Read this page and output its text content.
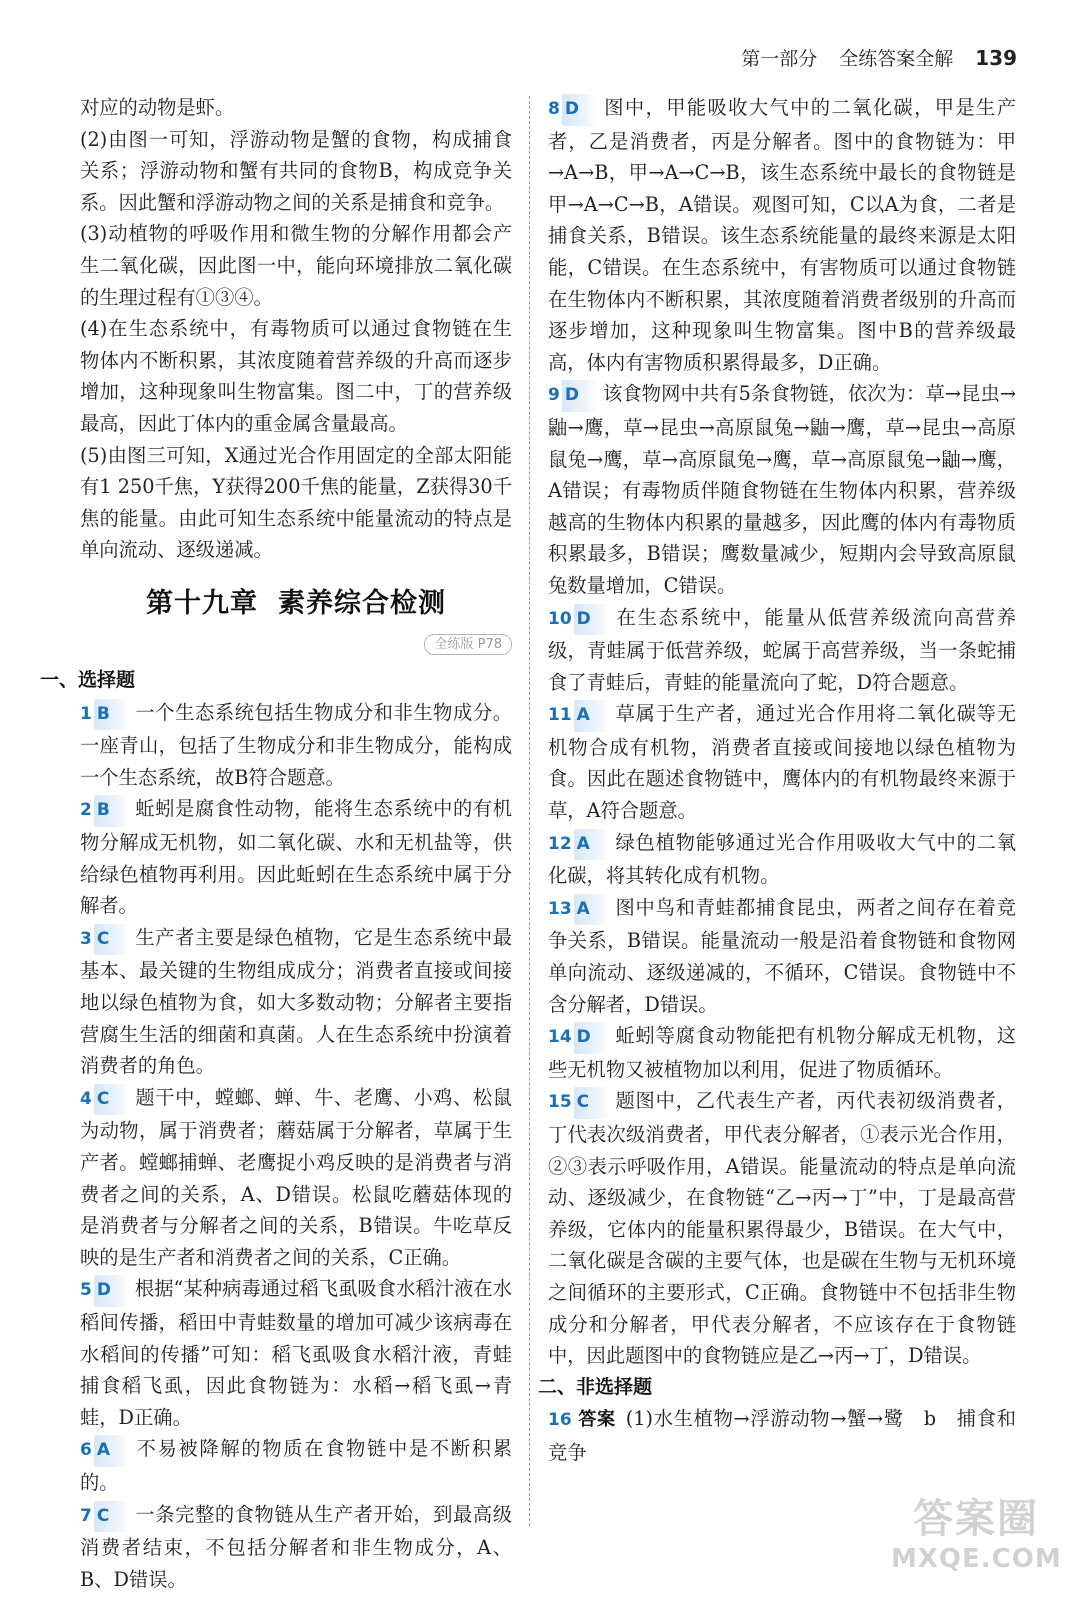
第一部分 全练答案全解 139

对应的动物是虾。

(2)由图一可知，浮游动物是蟹的食物，构成捕食关系；浮游动物和蟹有共同的食物B，构成竞争关系。因此蟹和浮游动物之间的关系是捕食和竞争。

(3)动植物的呼吸作用和微生物的分解作用都会产生二氧化碳，因此图一中，能向环境排放二氧化碳的生理过程有①③④。

(4)在生态系统中，有毒物质可以通过食物链在生物体内不断积累，其浓度随着营养级的升高而逐步增加，这种现象叫生物富集。图二中，丁的营养级最高，因此丁体内的重金属含量最高。

(5)由图三可知，X通过光合作用固定的全部太阳能有1 250千焦，Y获得200千焦的能量，Z获得30千焦的能量。由此可知生态系统中能量流动的特点是单向流动、逐级递减。

第十九章 素养综合检测
全练版 P78
一、选择题

1 B 一个生态系统包括生物成分和非生物成分。一座青山，包括了生物成分和非生物成分，能构成一个生态系统，故B符合题意。

2 B 蚯蚓是腐食性动物，能将生态系统中的有机物分解成无机物，如二氧化碳、水和无机盐等，供给绿色植物再利用。因此蚯蚓在生态系统中属于分解者。

3 C 生产者主要是绿色植物，它是生态系统中最基本、最关键的生物组成成分；消费者直接或间接地以绿色植物为食，如大多数动物；分解者主要指营腐生生活的细菌和真菌。人在生态系统中扮演着消费者的角色。

4 C 题干中，螳螂、蝉、牛、老鹰、小鸡、松鼠为动物，属于消费者；蘑菇属于分解者，草属于生产者。螳螂捕蝉、老鹰捉小鸡反映的是消费者与消费者之间的关系，A、D错误。松鼠吃蘑菇体现的是消费者与分解者之间的关系，B错误。牛吃草反映的是生产者和消费者之间的关系，C正确。

5 D 根据“某种病毒通过稻飞虱吸食水稻汁液在水稻间传播，稻田中青蛙数量的增加可减少该病毒在水稻间的传播”可知：稻飞虱吸食水稻汁液，青蛙捕食稻飞虱，因此食物链为：水稻→稻飞虱→青蛙，D正确。

6 A 不易被降解的物质在食物链中是不断积累的。

7 C 一条完整的食物链从生产者开始，到最高级消费者结束，不包括分解者和非生物成分，A、B、D错误。

8 D 图中，甲能吸收大气中的二氧化碳，甲是生产者，乙是消费者，丙是分解者。图中的食物链为：甲→A→B，甲→A→C→B，该生态系统中最长的食物链是甲→A→C→B，A错误。观图可知，C以A为食，二者是捕食关系，B错误。该生态系统能量的最终来源是太阳能，C错误。在生态系统中，有害物质可以通过食物链在生物体内不断积累，其浓度随着消费者级别的升高而逐步增加，这种现象叫生物富集。图中B的营养级最高，体内有害物质积累得最多，D正确。

9 D 该食物网中共有5条食物链，依次为：草→昆虫→鼬→鹰，草→昆虫→高原鼠兔→鼬→鹰，草→昆虫→高原鼠兔→鹰，草→高原鼠兔→鹰，草→高原鼠兔→鼬→鹰，A错误；有毒物质伴随食物链在生物体内积累，营养级越高的生物体内积累的量越多，因此鹰的体内有毒物质积累最多，B错误；鹰数量减少，短期内会导致高原鼠兔数量增加，C错误。

10 D 在生态系统中，能量从低营养级流向高营养级，青蛙属于低营养级，蛇属于高营养级，当一条蛇捕食了青蛙后，青蛙的能量流向了蛇，D符合题意。

11 A 草属于生产者，通过光合作用将二氧化碳等无机物合成有机物，消费者直接或间接地以绿色植物为食。因此在题述食物链中，鹰体内的有机物最终来源于草，A符合题意。

12 A 绿色植物能够通过光合作用吸收大气中的二氧化碳，将其转化成有机物。

13 A 图中鸟和青蛙都捕食昆虫，两者之间存在着竞争关系，B错误。能量流动一般是沿着食物链和食物网单向流动、逐级递减的，不循环，C错误。食物链中不含分解者，D错误。

14 D 蚯蚓等腐食动物能把有机物分解成无机物，这些无机物又被植物加以利用，促进了物质循环。

15 C 题图中，乙代表生产者，丙代表初级消费者，丁代表次级消费者，甲代表分解者，①表示光合作用，②③表示呼吸作用，A错误。能量流动的特点是单向流动、逐级减少，在食物链“乙→丙→丁”中，丁是最高营养级，它体内的能量积累得最少，B错误。在大气中，二氧化碳是含碳的主要气体，也是碳在生物与无机环境之间循环的主要形式，C正确。食物链中不包括非生物成分和分解者，甲代表分解者，不应该存在于食物链中，因此题图中的食物链应是乙→丙→丁，D错误。

二、非选择题

16 答案 (1)水生植物→浮游动物→蟹→鹭　b　捕食和竞争

答案圈
MXQE.COM
